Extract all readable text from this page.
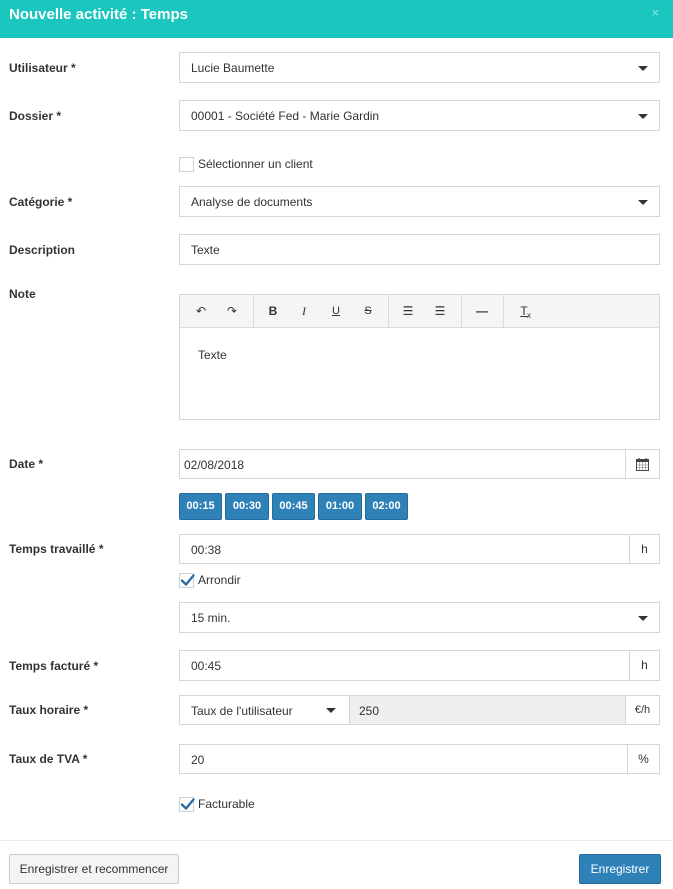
Nouvelle activité : Temps	×
Utilisateur *	Lucie Baumette
Dossier *	00001 - Société Fed - Marie Gardin
Sélectionner un client
Catégorie *	Analyse de documents
Description	Texte
Note
↶	↷	B	I	U	S	☰	☰	—	T x
Texte
Date *	02/08/2018
00:15	00:30	00:45	01:00	02:00
Temps travaillé *	00:38	h
Arrondir
15 min.
Temps facturé *	00:45	h
Taux horaire *	Taux de l'utilisateur	250	€/h
Taux de TVA *	20	%
Facturable
Enregistrer et recommencer	Enregistrer
